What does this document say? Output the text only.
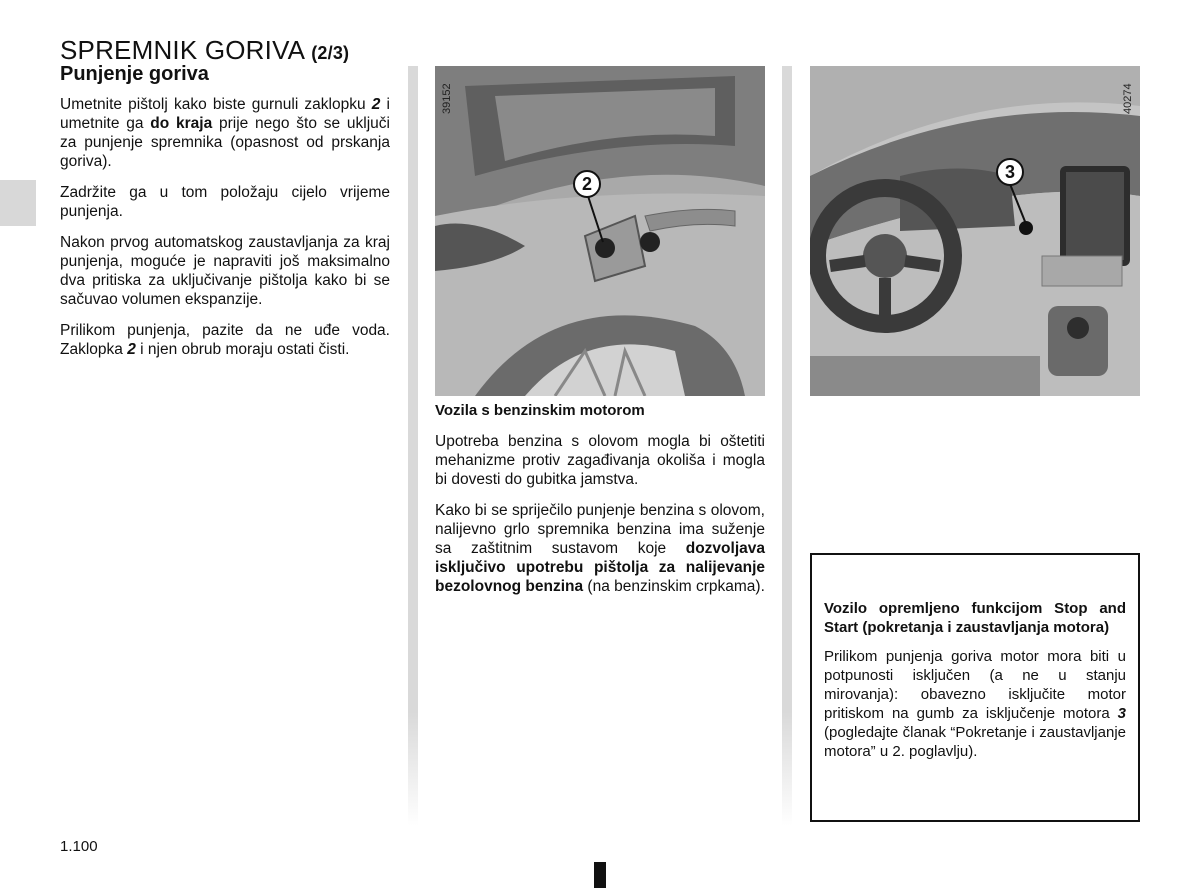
SPREMNIK GORIVA (2/3)
Punjenje goriva

Umetnite pištolj kako biste gurnuli zaklopku 2 i umetnite ga do kraja prije nego što se uključi za punjenje spremnika (opasnost od prskanja goriva).

Zadržite ga u tom položaju cijelo vrijeme punjenja.

Nakon prvog automatskog zaustavljanja za kraj punjenja, moguće je napraviti još maksimalno dva pritiska za uključivanje pištolja kako bi se sačuvao volumen ekspanzije.

Prilikom punjenja, pazite da ne uđe voda. Zaklopka 2 i njen obrub moraju ostati čisti.

2
39152
3
40274

Vozila s benzinskim motorom

Upotreba benzina s olovom mogla bi oštetiti mehanizme protiv zagađivanja okoliša i mogla bi dovesti do gubitka jamstva.

Kako bi se spriječilo punjenje benzina s olovom, nalijevno grlo spremnika benzina ima suženje sa zaštitnim sustavom koje dozvoljava isključivo upotrebu pištolja za nalijevanje bezolovnog benzina (na benzinskim crpkama).

Vozilo opremljeno funkcijom Stop and Start (pokretanja i zaustavljanja motora)

Prilikom punjenja goriva motor mora biti u potpunosti isključen (a ne u stanju mirovanja): obavezno isključite motor pritiskom na gumb za isključenje motora 3 (pogledajte članak “Pokretanje i zaustavljanje motora” u 2. poglavlju).

1.100
